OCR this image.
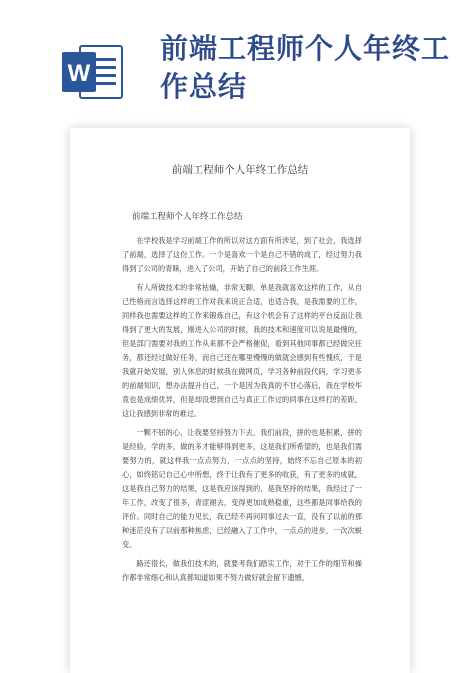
W
前端工程师个人年终工作总结
前端工程师个人年终工作总结
前端工程师个人年终工作总结

在学校我是学习前端工作的所以对这方面有所涉足，到了社会，我选择了前端，选择了这份工作。一个是喜欢一个是自己不错的成了，经过努力我得到了公司的青睐，进入了公司，开始了自己的前段工作生涯。

有人所做技术的非常枯燥，非常无聊，单是我就喜欢这样的工作，从自己性格而言选择这样的工作对我来说正合适，也适合我，是我需要的工作，同样我也需要这样的工作来锻炼自己，有这个机会有了这样的平台反而让我得到了更大的发展，刚进入公司的时候，我的技术和速度可以说是最慢的，但是部门需要对我的工作从来都不会严格催促，看到其他同事都已经做完任务，都还经过做好任务，而自己还在哪里慢慢的做就会感到有些愧疚，于是我就开始发展，别人休息的时候我在做网页，学习各种前段代码，学习更多的前端知识，想办法提升自己，一个是因为我真的不甘心落后，我在学校毕竟也是成绩优异，但是却没想到自己与真正工作过的同事在这样打的差距，这让我感到非常的难过。

一颗不屈的心，让我要坚持努力下去，我们前段，拼的也是积累，拼的是经验，学的多，做的多才能够得到更多，这是我们所希望的，也是我们需要努力的，就这样我一点点努力，一点点的坚持，始终不忘自己原本的初心，如终铭记自己心中所想，终于让我有了更多的收获，有了更多的成就，这是我自己努力的结果，这是我应该得到的，是我坚持的结果，我经过了一年工作，改变了很多，青涩褪去，变得更加成熟稳重，这些都是同事给我的评价。同时自己的能力见长，我已经不再问同事过去一直，没有了以前的那种迷茫没有了以前那种焦虑，已经融入了工作中，一点点的进步，一次次蜕变。

路还很长，做我们技术的，就要考我们踏实工作，对于工作的细节和操作都非常细心和认真都知道如果不努力做好就会留下遗憾，
